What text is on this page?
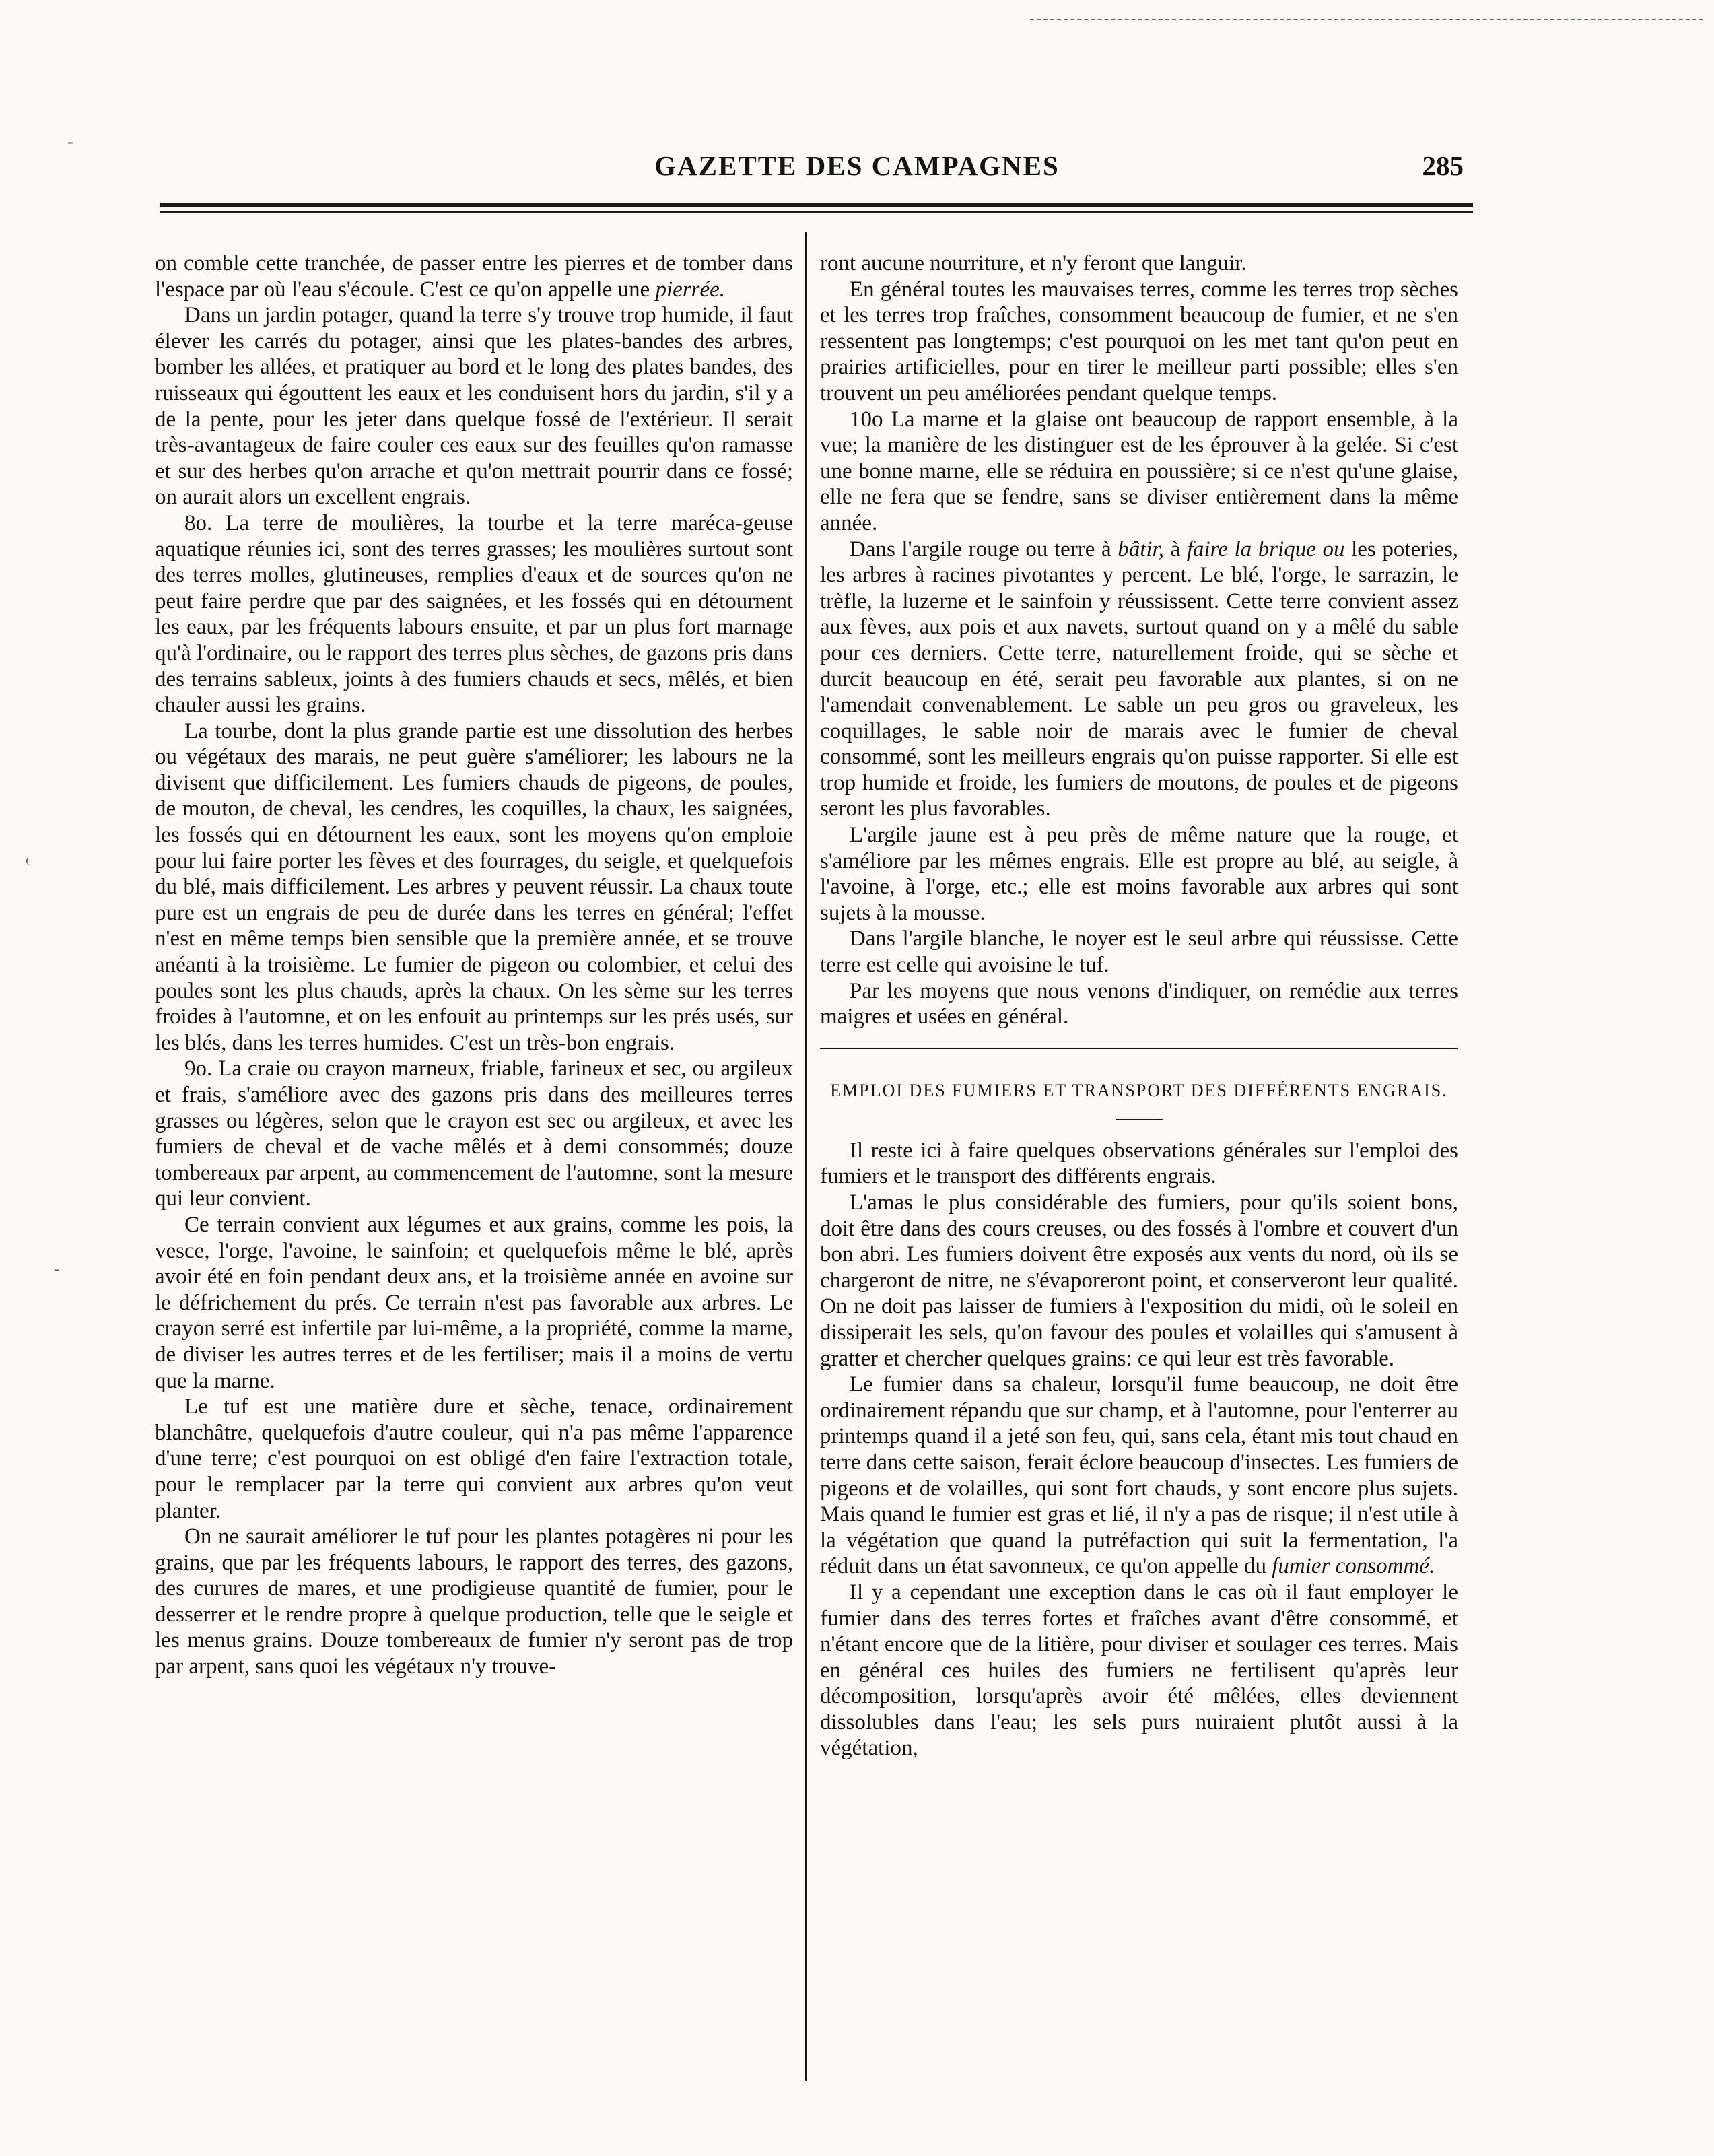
-
‹
-
GAZETTE DES CAMPAGNES	285

on comble cette tranchée, de passer entre les pierres et de tomber dans l'espace par où l'eau s'écoule. C'est ce qu'on appelle une pierrée.

Dans un jardin potager, quand la terre s'y trouve trop humide, il faut élever les carrés du potager, ainsi que les plates-bandes des arbres, bomber les allées, et pratiquer au bord et le long des plates bandes, des ruisseaux qui égouttent les eaux et les conduisent hors du jardin, s'il y a de la pente, pour les jeter dans quelque fossé de l'extérieur. Il serait très-avantageux de faire couler ces eaux sur des feuilles qu'on ramasse et sur des herbes qu'on arrache et qu'on mettrait pourrir dans ce fossé; on aurait alors un excellent engrais.

8o. La terre de moulières, la tourbe et la terre maréca-geuse aquatique réunies ici, sont des terres grasses; les moulières surtout sont des terres molles, glutineuses, remplies d'eaux et de sources qu'on ne peut faire perdre que par des saignées, et les fossés qui en détournent les eaux, par les fréquents labours ensuite, et par un plus fort marnage qu'à l'ordinaire, ou le rapport des terres plus sèches, de gazons pris dans des terrains sableux, joints à des fumiers chauds et secs, mêlés, et bien chauler aussi les grains.

La tourbe, dont la plus grande partie est une dissolution des herbes ou végétaux des marais, ne peut guère s'améliorer; les labours ne la divisent que difficilement. Les fumiers chauds de pigeons, de poules, de mouton, de cheval, les cendres, les coquilles, la chaux, les saignées, les fossés qui en détournent les eaux, sont les moyens qu'on emploie pour lui faire porter les fèves et des fourrages, du seigle, et quelquefois du blé, mais difficilement. Les arbres y peuvent réussir. La chaux toute pure est un engrais de peu de durée dans les terres en général; l'effet n'est en même temps bien sensible que la première année, et se trouve anéanti à la troisième. Le fumier de pigeon ou colombier, et celui des poules sont les plus chauds, après la chaux. On les sème sur les terres froides à l'automne, et on les enfouit au printemps sur les prés usés, sur les blés, dans les terres humides. C'est un très-bon engrais.

9o. La craie ou crayon marneux, friable, farineux et sec, ou argileux et frais, s'améliore avec des gazons pris dans des meilleures terres grasses ou légères, selon que le crayon est sec ou argileux, et avec les fumiers de cheval et de vache mêlés et à demi consommés; douze tombereaux par arpent, au commencement de l'automne, sont la mesure qui leur convient.

Ce terrain convient aux légumes et aux grains, comme les pois, la vesce, l'orge, l'avoine, le sainfoin; et quelquefois même le blé, après avoir été en foin pendant deux ans, et la troisième année en avoine sur le défrichement du prés. Ce terrain n'est pas favorable aux arbres. Le crayon serré est infertile par lui-même, a la propriété, comme la marne, de diviser les autres terres et de les fertiliser; mais il a moins de vertu que la marne.

Le tuf est une matière dure et sèche, tenace, ordinairement blanchâtre, quelquefois d'autre couleur, qui n'a pas même l'apparence d'une terre; c'est pourquoi on est obligé d'en faire l'extraction totale, pour le remplacer par la terre qui convient aux arbres qu'on veut planter.

On ne saurait améliorer le tuf pour les plantes potagères ni pour les grains, que par les fréquents labours, le rapport des terres, des gazons, des curures de mares, et une prodigieuse quantité de fumier, pour le desserrer et le rendre propre à quelque production, telle que le seigle et les menus grains. Douze tombereaux de fumier n'y seront pas de trop par arpent, sans quoi les végétaux n'y trouve-

ront aucune nourriture, et n'y feront que languir.

En général toutes les mauvaises terres, comme les terres trop sèches et les terres trop fraîches, consomment beaucoup de fumier, et ne s'en ressentent pas longtemps; c'est pourquoi on les met tant qu'on peut en prairies artificielles, pour en tirer le meilleur parti possible; elles s'en trouvent un peu améliorées pendant quelque temps.

10o La marne et la glaise ont beaucoup de rapport ensemble, à la vue; la manière de les distinguer est de les éprouver à la gelée. Si c'est une bonne marne, elle se réduira en poussière; si ce n'est qu'une glaise, elle ne fera que se fendre, sans se diviser entièrement dans la même année.

Dans l'argile rouge ou terre à bâtir, à faire la brique ou les poteries, les arbres à racines pivotantes y percent. Le blé, l'orge, le sarrazin, le trèfle, la luzerne et le sainfoin y réussissent. Cette terre convient assez aux fèves, aux pois et aux navets, surtout quand on y a mêlé du sable pour ces derniers. Cette terre, naturellement froide, qui se sèche et durcit beaucoup en été, serait peu favorable aux plantes, si on ne l'amendait convenablement. Le sable un peu gros ou graveleux, les coquillages, le sable noir de marais avec le fumier de cheval consommé, sont les meilleurs engrais qu'on puisse rapporter. Si elle est trop humide et froide, les fumiers de moutons, de poules et de pigeons seront les plus favorables.

L'argile jaune est à peu près de même nature que la rouge, et s'améliore par les mêmes engrais. Elle est propre au blé, au seigle, à l'avoine, à l'orge, etc.; elle est moins favorable aux arbres qui sont sujets à la mousse.

Dans l'argile blanche, le noyer est le seul arbre qui réussisse. Cette terre est celle qui avoisine le tuf.

Par les moyens que nous venons d'indiquer, on remédie aux terres maigres et usées en général.

EMPLOI DES FUMIERS ET TRANSPORT DES DIFFÉRENTS ENGRAIS.

Il reste ici à faire quelques observations générales sur l'emploi des fumiers et le transport des différents engrais.

L'amas le plus considérable des fumiers, pour qu'ils soient bons, doit être dans des cours creuses, ou des fossés à l'ombre et couvert d'un bon abri. Les fumiers doivent être exposés aux vents du nord, où ils se chargeront de nitre, ne s'évaporeront point, et conserveront leur qualité. On ne doit pas laisser de fumiers à l'exposition du midi, où le soleil en dissiperait les sels, qu'on favour des poules et volailles qui s'amusent à gratter et chercher quelques grains: ce qui leur est très favorable.

Le fumier dans sa chaleur, lorsqu'il fume beaucoup, ne doit être ordinairement répandu que sur champ, et à l'automne, pour l'enterrer au printemps quand il a jeté son feu, qui, sans cela, étant mis tout chaud en terre dans cette saison, ferait éclore beaucoup d'insectes. Les fumiers de pigeons et de volailles, qui sont fort chauds, y sont encore plus sujets. Mais quand le fumier est gras et lié, il n'y a pas de risque; il n'est utile à la végétation que quand la putréfaction qui suit la fermentation, l'a réduit dans un état savonneux, ce qu'on appelle du fumier consommé.

Il y a cependant une exception dans le cas où il faut employer le fumier dans des terres fortes et fraîches avant d'être consommé, et n'étant encore que de la litière, pour diviser et soulager ces terres. Mais en général ces huiles des fumiers ne fertilisent qu'après leur décomposition, lorsqu'après avoir été mêlées, elles deviennent dissolubles dans l'eau; les sels purs nuiraient plutôt aussi à la végétation,
